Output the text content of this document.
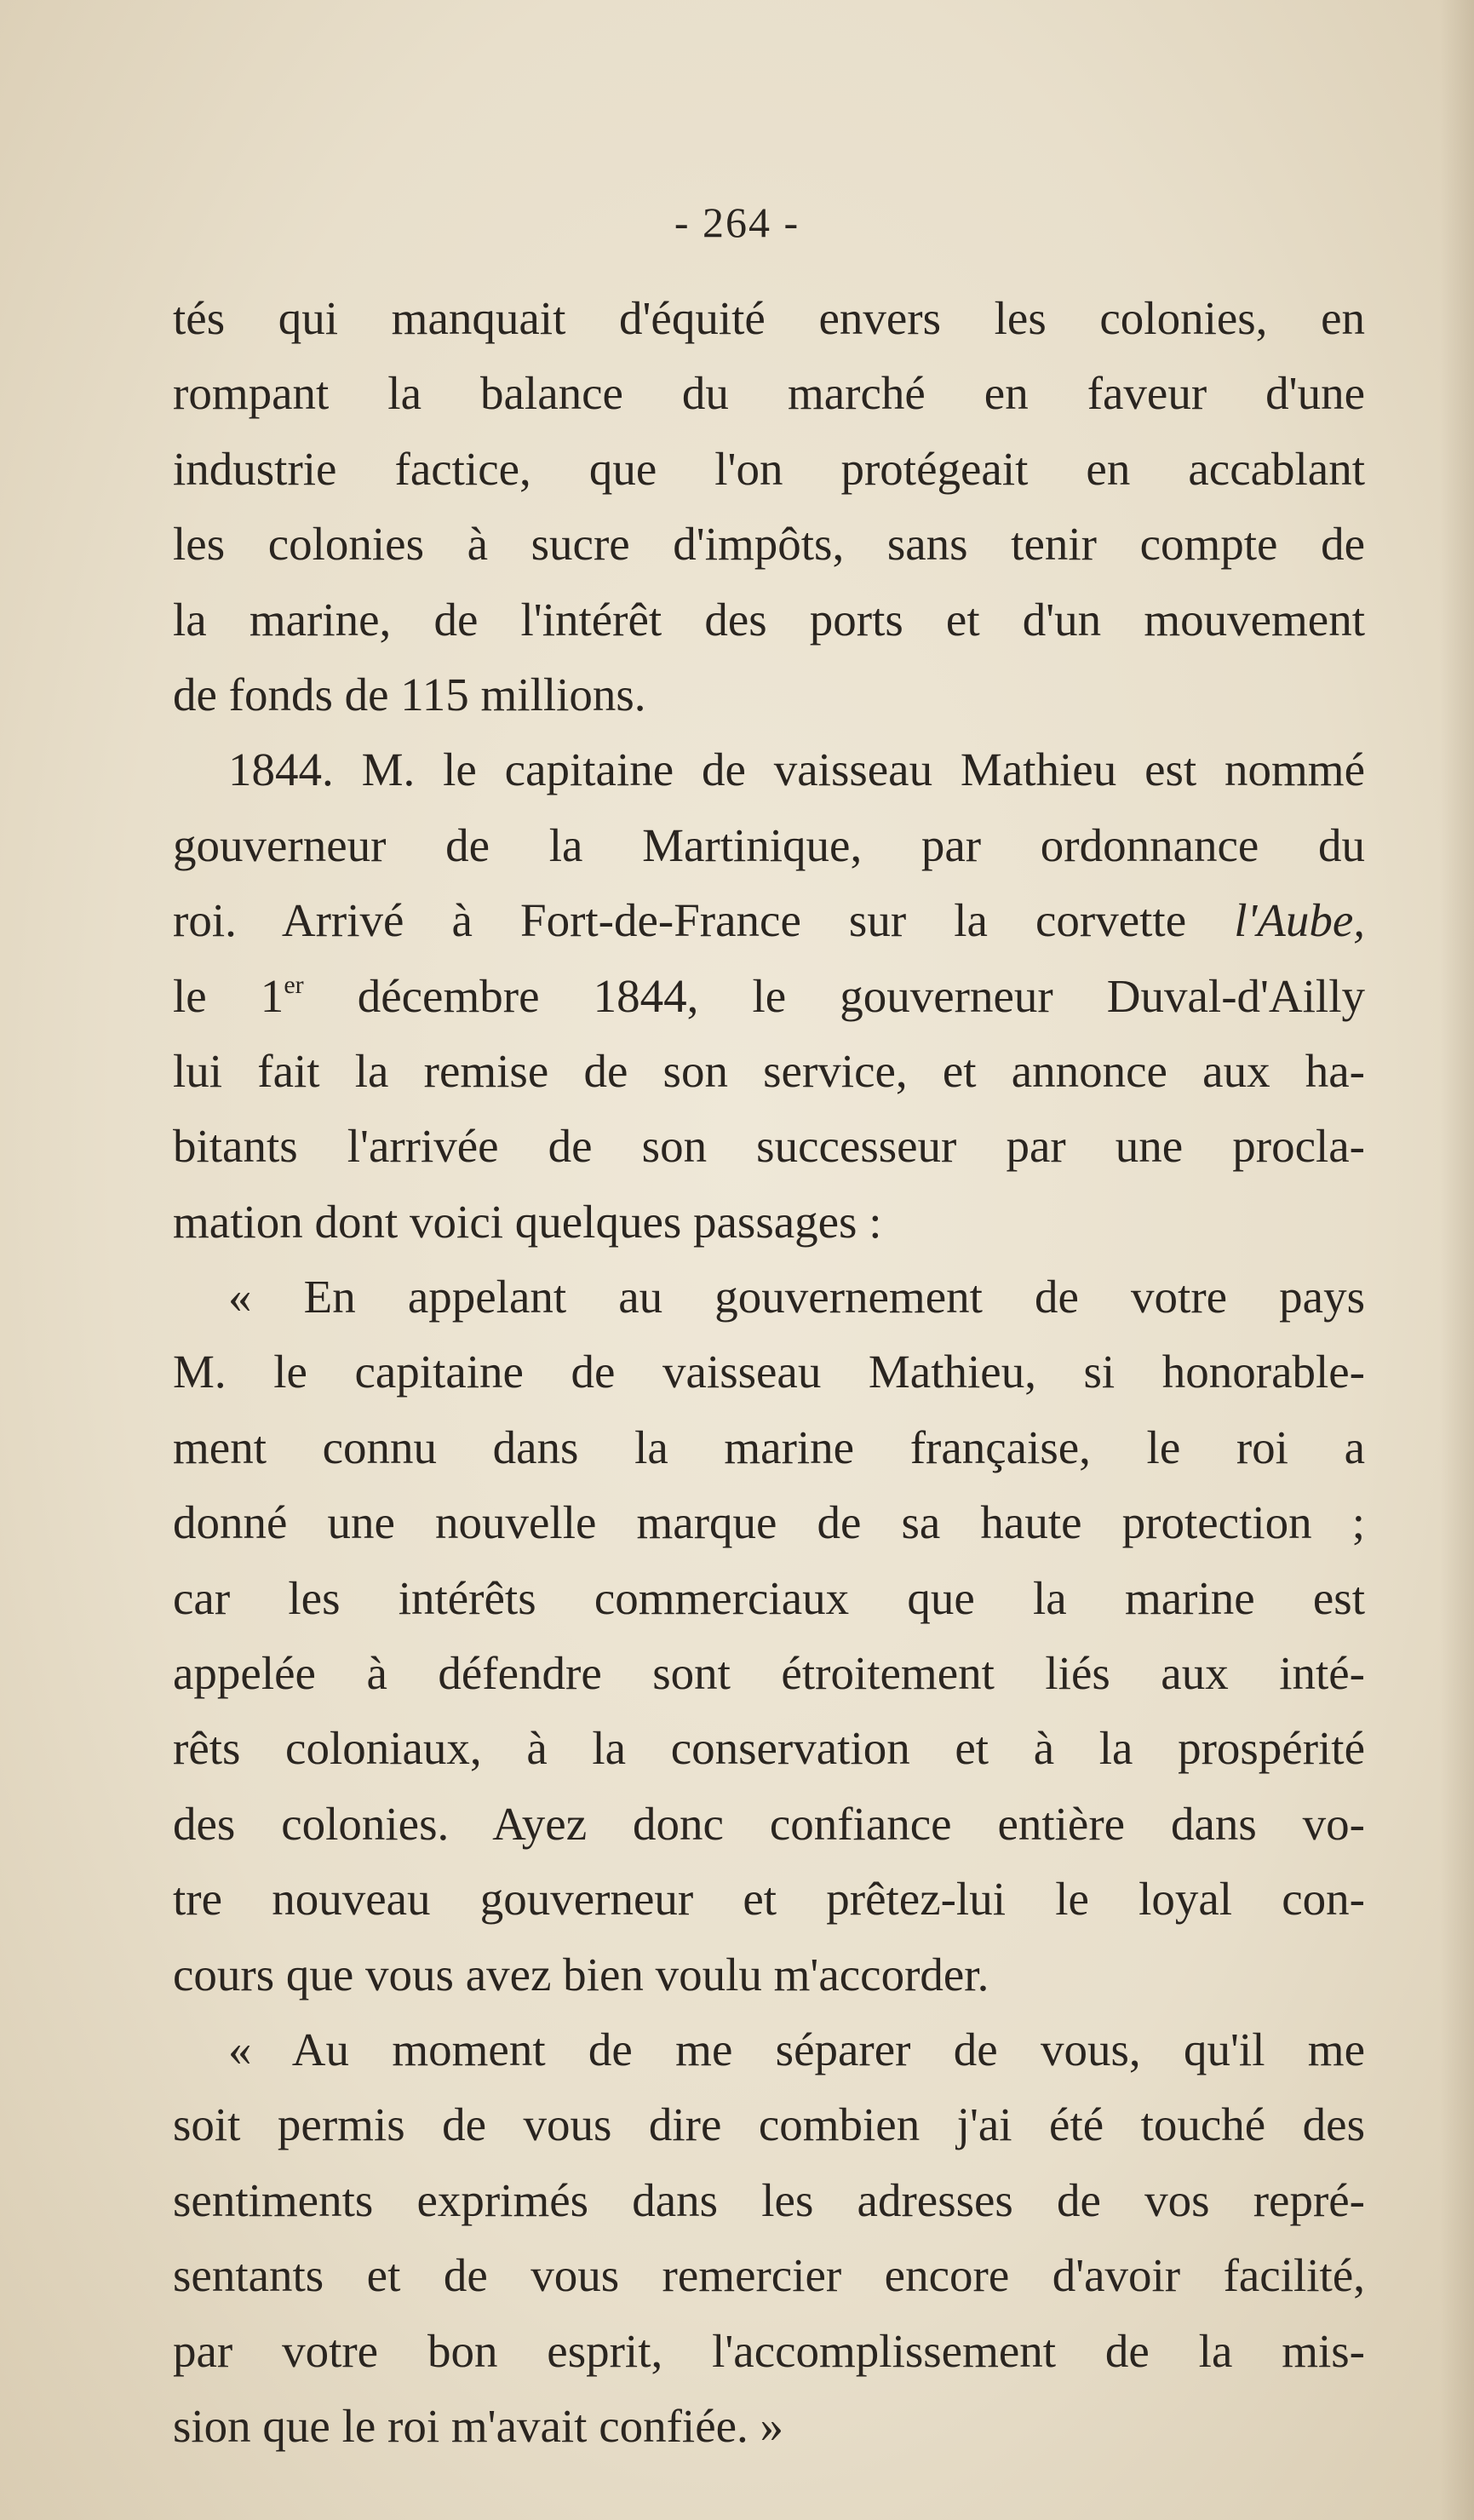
- 264 -
tés qui manquait d'équité envers les colonies, en
rompant la balance du marché en faveur d'une
industrie factice, que l'on protégeait en accablant
les colonies à sucre d'impôts, sans tenir compte de
la marine, de l'intérêt des ports et d'un mouvement
de fonds de 115 millions.
1844. M. le capitaine de vaisseau Mathieu est nommé
gouverneur de la Martinique, par ordonnance du
roi. Arrivé à Fort-de-France sur la corvette l'Aube,
le 1er décembre 1844, le gouverneur Duval-d'Ailly
lui fait la remise de son service, et annonce aux ha-
bitants l'arrivée de son successeur par une procla-
mation dont voici quelques passages :
« En appelant au gouvernement de votre pays
M. le capitaine de vaisseau Mathieu, si honorable-
ment connu dans la marine française, le roi a
donné une nouvelle marque de sa haute protection ;
car les intérêts commerciaux que la marine est
appelée à défendre sont étroitement liés aux inté-
rêts coloniaux, à la conservation et à la prospérité
des colonies. Ayez donc confiance entière dans vo-
tre nouveau gouverneur et prêtez-lui le loyal con-
cours que vous avez bien voulu m'accorder.
« Au moment de me séparer de vous, qu'il me
soit permis de vous dire combien j'ai été touché des
sentiments exprimés dans les adresses de vos repré-
sentants et de vous remercier encore d'avoir facilité,
par votre bon esprit, l'accomplissement de la mis-
sion que le roi m'avait confiée. »
